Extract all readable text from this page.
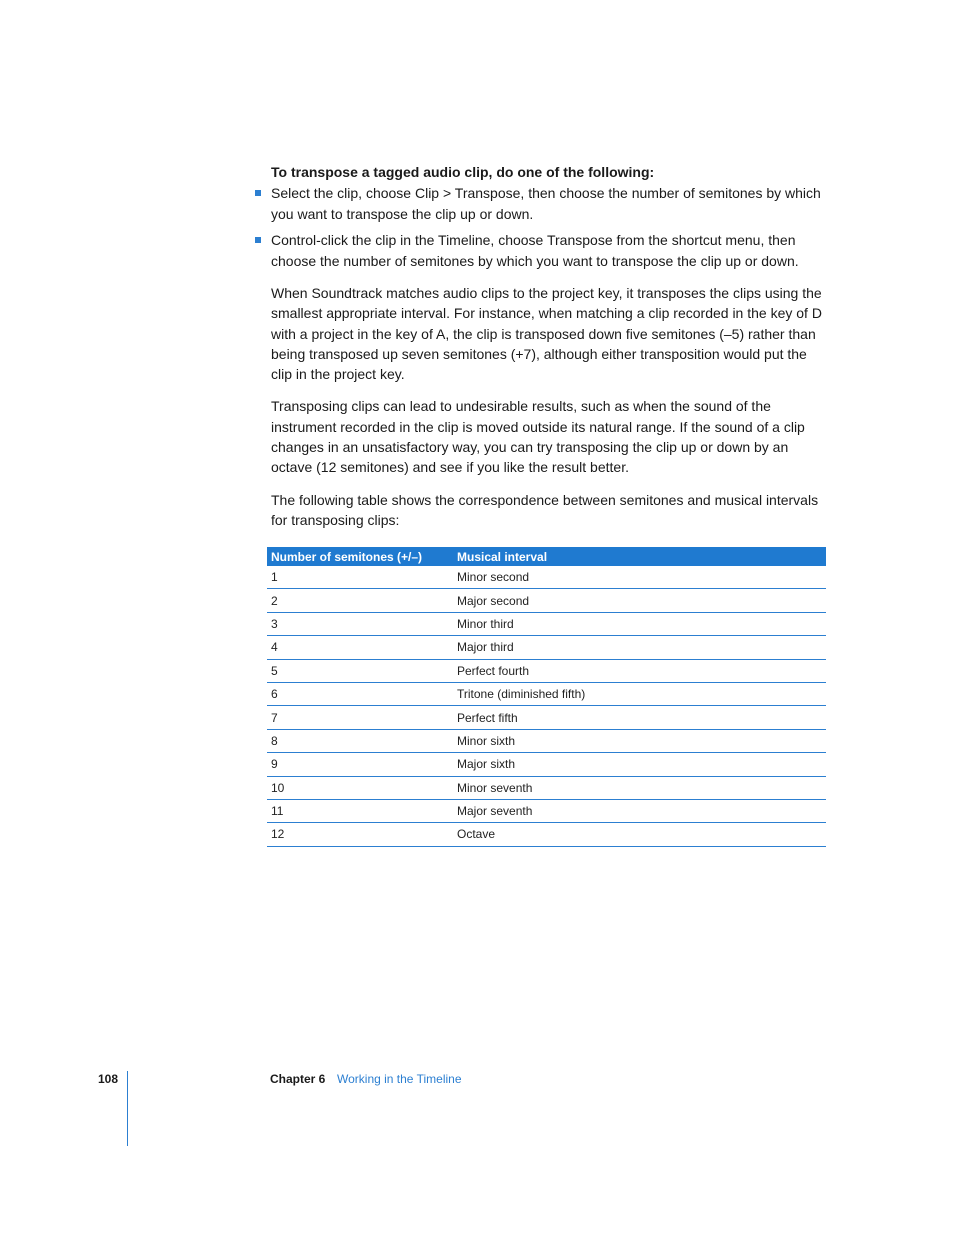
To transpose a tagged audio clip, do one of the following:

Select the clip, choose Clip > Transpose, then choose the number of semitones by which you want to transpose the clip up or down.
Control-click the clip in the Timeline, choose Transpose from the shortcut menu, then choose the number of semitones by which you want to transpose the clip up or down.

When Soundtrack matches audio clips to the project key, it transposes the clips using the smallest appropriate interval. For instance, when matching a clip recorded in the key of D with a project in the key of A, the clip is transposed down five semitones (–5) rather than being transposed up seven semitones (+7), although either transposition would put the clip in the project key.

Transposing clips can lead to undesirable results, such as when the sound of the instrument recorded in the clip is moved outside its natural range. If the sound of a clip changes in an unsatisfactory way, you can try transposing the clip up or down by an octave (12 semitones) and see if you like the result better.

The following table shows the correspondence between semitones and musical intervals for transposing clips:

Number of semitones (+/–)	Musical interval
1	Minor second
2	Major second
3	Minor third
4	Major third
5	Perfect fourth
6	Tritone (diminished fifth)
7	Perfect fifth
8	Minor sixth
9	Major sixth
10	Minor seventh
11	Major seventh
12	Octave
108	Chapter 6 Working in the Timeline
